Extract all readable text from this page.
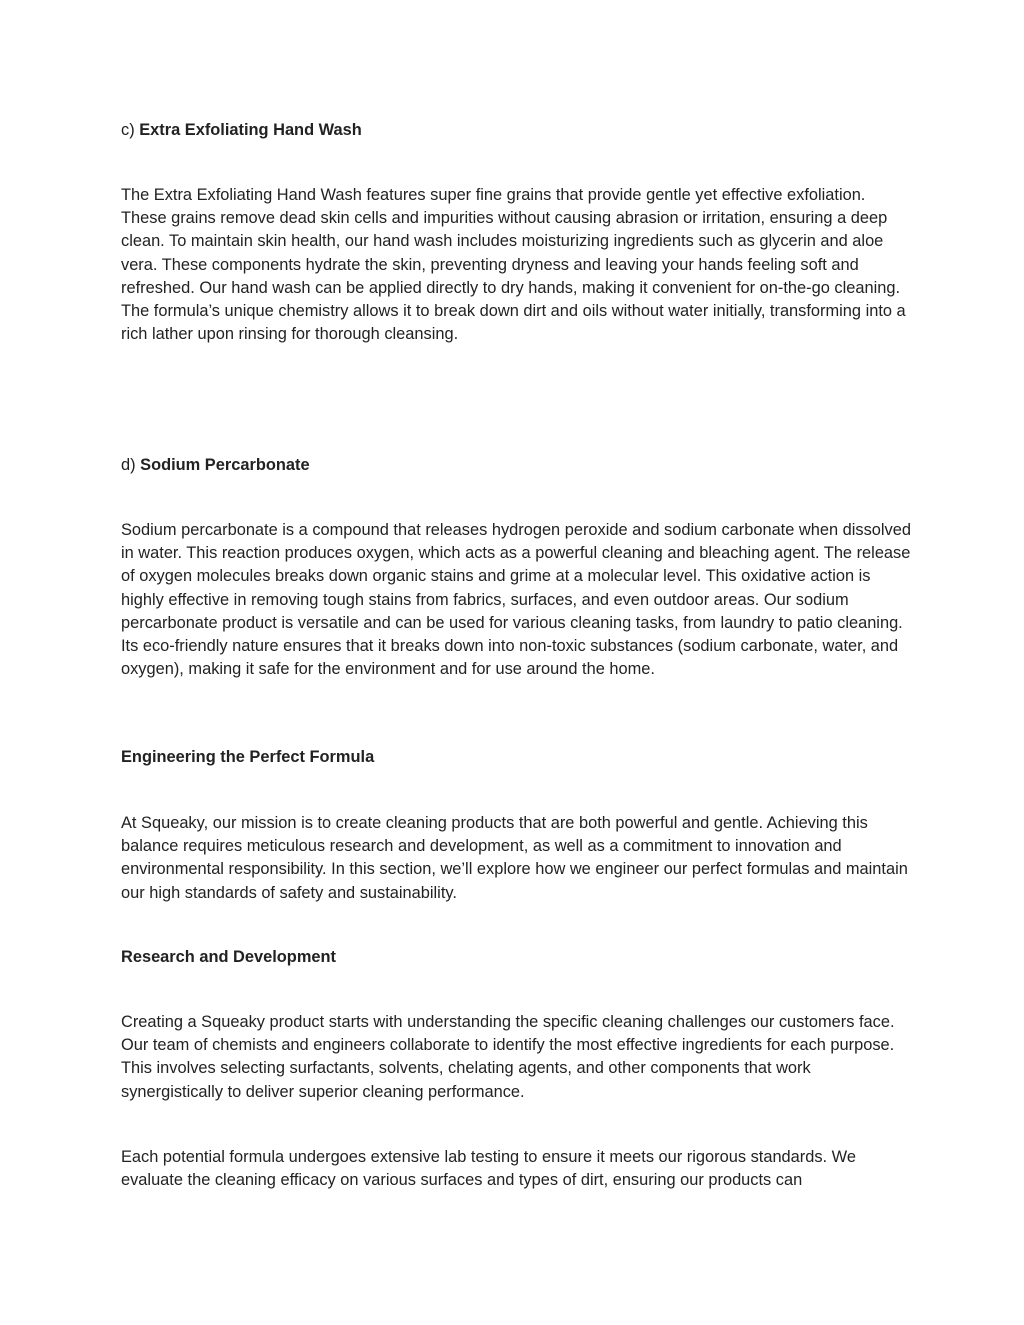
c) Extra Exfoliating Hand Wash

The Extra Exfoliating Hand Wash features super fine grains that provide gentle yet effective exfoliation. These grains remove dead skin cells and impurities without causing abrasion or irritation, ensuring a deep clean. To maintain skin health, our hand wash includes moisturizing ingredients such as glycerin and aloe vera. These components hydrate the skin, preventing dryness and leaving your hands feeling soft and refreshed. Our hand wash can be applied directly to dry hands, making it convenient for on-the-go cleaning. The formula’s unique chemistry allows it to break down dirt and oils without water initially, transforming into a rich lather upon rinsing for thorough cleansing.

d) Sodium Percarbonate

Sodium percarbonate is a compound that releases hydrogen peroxide and sodium carbonate when dissolved in water. This reaction produces oxygen, which acts as a powerful cleaning and bleaching agent. The release of oxygen molecules breaks down organic stains and grime at a molecular level. This oxidative action is highly effective in removing tough stains from fabrics, surfaces, and even outdoor areas. Our sodium percarbonate product is versatile and can be used for various cleaning tasks, from laundry to patio cleaning. Its eco-friendly nature ensures that it breaks down into non-toxic substances (sodium carbonate, water, and oxygen), making it safe for the environment and for use around the home.

Engineering the Perfect Formula

At Squeaky, our mission is to create cleaning products that are both powerful and gentle. Achieving this balance requires meticulous research and development, as well as a commitment to innovation and environmental responsibility. In this section, we’ll explore how we engineer our perfect formulas and maintain our high standards of safety and sustainability.

Research and Development

Creating a Squeaky product starts with understanding the specific cleaning challenges our customers face. Our team of chemists and engineers collaborate to identify the most effective ingredients for each purpose. This involves selecting surfactants, solvents, chelating agents, and other components that work synergistically to deliver superior cleaning performance.

Each potential formula undergoes extensive lab testing to ensure it meets our rigorous standards. We evaluate the cleaning efficacy on various surfaces and types of dirt, ensuring our products can
